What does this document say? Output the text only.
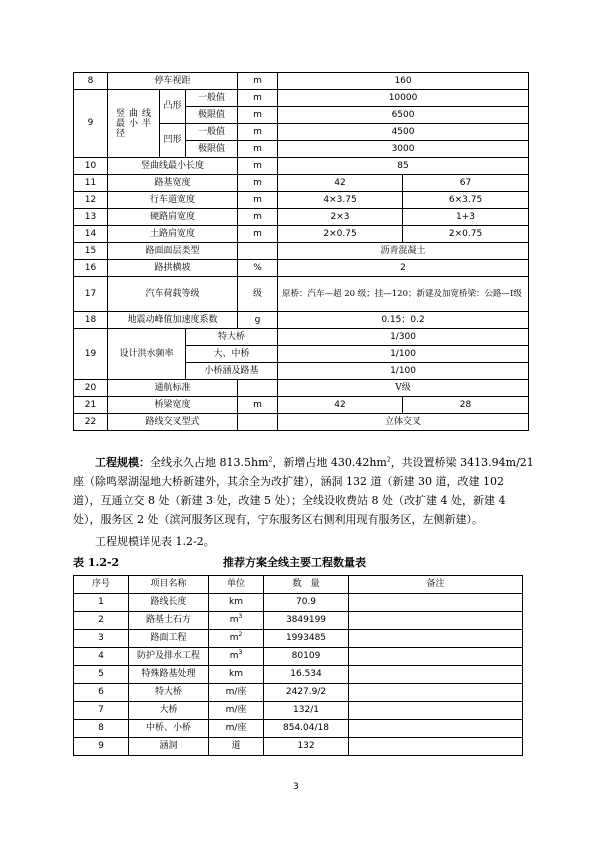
8	停车视距			m	160	
9	竖 曲 线 最 小 半 径	凸形	一般值	m	10000	
			极限值	m	6500	
		凹形	一般值	m	4500	
			极限值	m	3000	
10	竖曲线最小长度			m	85	
11	路基宽度			m	42	67
12	行车道宽度			m	4×3.75	6×3.75
13	硬路肩宽度			m	2×3	1+3
14	土路肩宽度			m	2×0.75	2×0.75
15	路面面层类型				沥青混凝土	
16	路拱横坡			%	2	
17	汽车荷载等级			级	原桥：汽车—超 20 级；挂—120；新建及加宽桥梁：公路—Ⅰ级	
18	地震动峰值加速度系数			g	0.15；0.2	
19	设计洪水频率		特大桥		1/300	
			大、中桥		1/100	
			小桥涵及路基		1/100	
20	通航标准				Ⅴ级	
21	桥梁宽度			m	42	28
22	路线交叉型式				立体交叉	
工程规模：全线永久占地 $813.5hm^2$，新增占地 $430.42hm^2$，共设置桥梁 3413.94m/21
座（除鸣翠湖湿地大桥新建外，其余全为改扩建），涵洞 132 道（新建 30 道，改建 102
道），互通立交 8 处（新建 3 处，改建 5 处）；全线设收费站 8 处（改扩建 4 处，新建 4
处），服务区 2 处（滨河服务区现有，宁东服务区右侧利用现有服务区，左侧新建）。
工程规模详见表 1.2-2。
表 1.2-2	推荐方案全线主要工程数量表
序号	项目名称	单位	数　量	备注
1	路线长度	km	70.9	
2	路基土石方	$m^3$	3849199	
3	路面工程	$m^2$	1993485	
4	防护及排水工程	$m^3$	80109	
5	特殊路基处理	km	16.534	
6	特大桥	m/座	2427.9/2	
7	大桥	m/座	132/1	
8	中桥、小桥	m/座	854.04/18	
9	涵洞	道	132	
3
